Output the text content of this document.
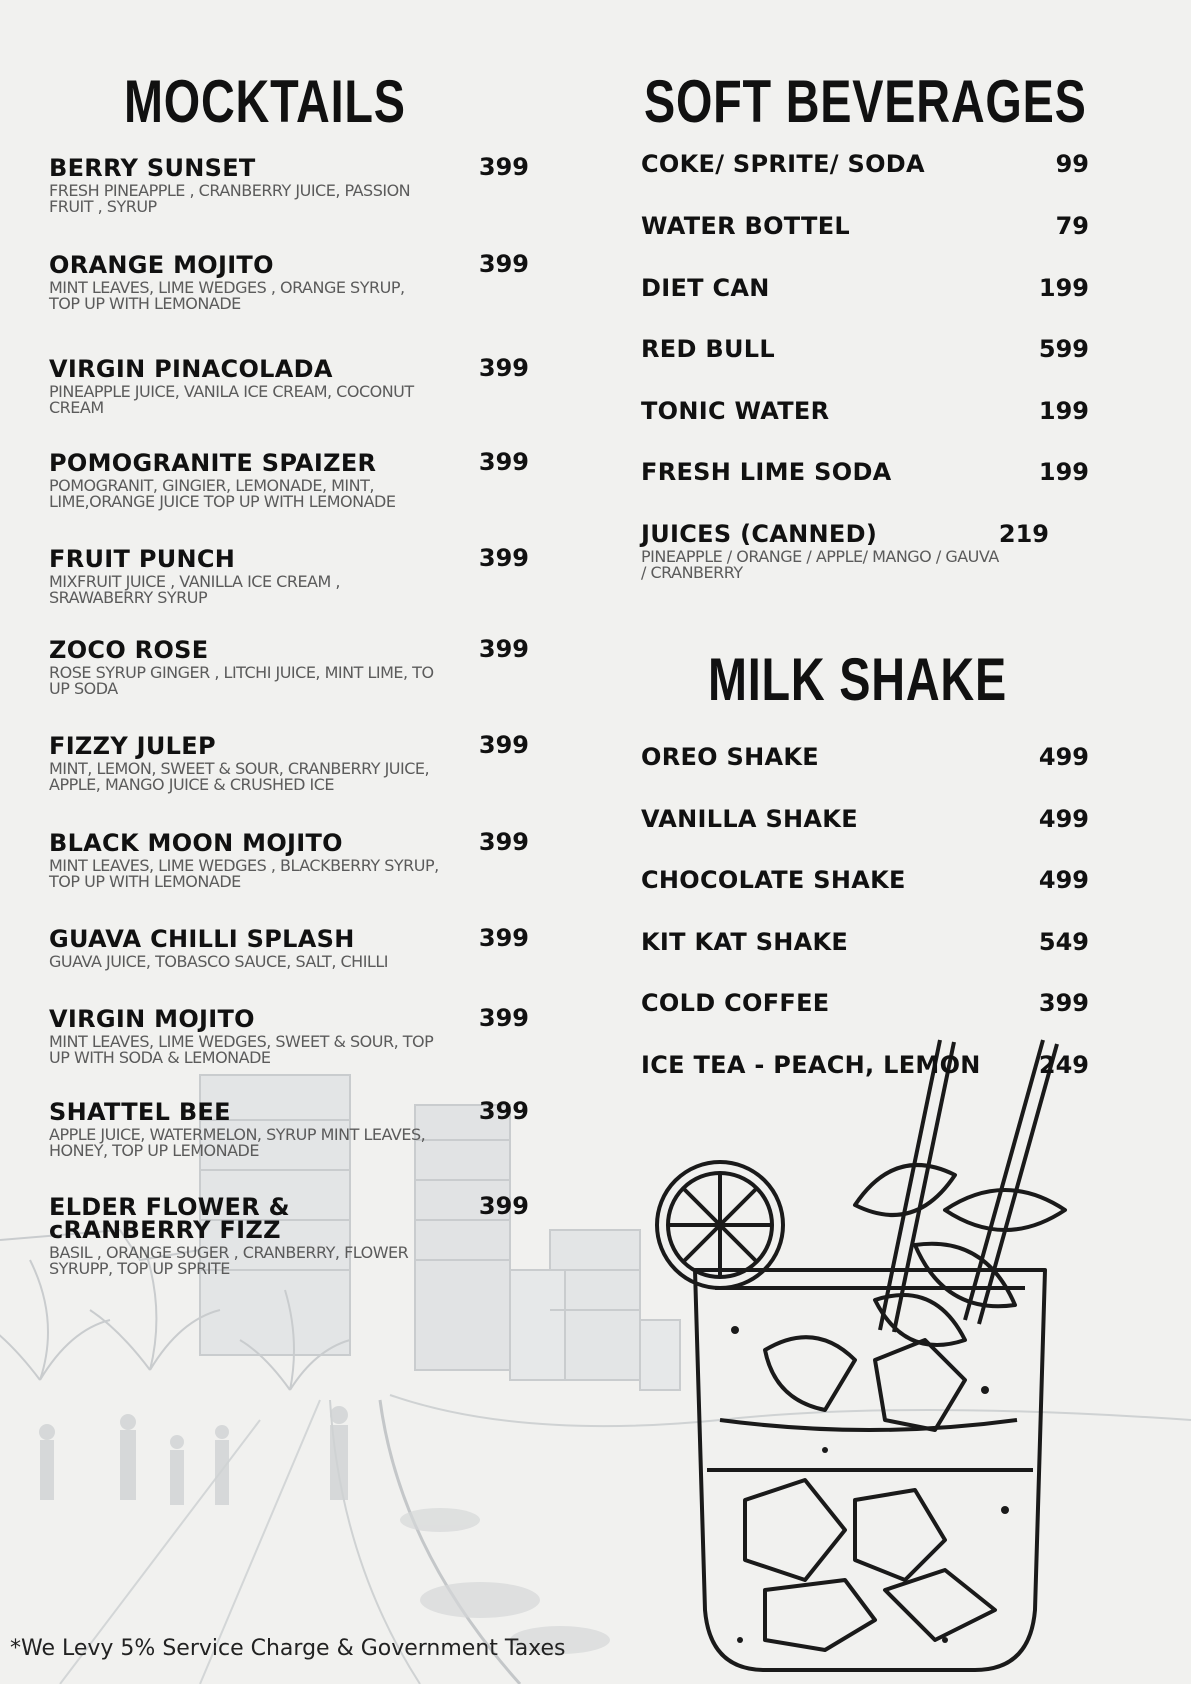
MOCKTAILS
BERRY SUNSET
FRESH PINEAPPLE , CRANBERRY JUICE, PASSION FRUIT , SYRUP
399
ORANGE MOJITO
MINT LEAVES, LIME WEDGES , ORANGE SYRUP, TOP UP WITH LEMONADE
399
VIRGIN PINACOLADA
PINEAPPLE JUICE, VANILA ICE CREAM, COCONUT CREAM
399
POMOGRANITE SPAIZER
POMOGRANIT, GINGIER, LEMONADE, MINT, LIME,ORANGE JUICE TOP UP WITH LEMONADE
399
FRUIT PUNCH
MIXFRUIT JUICE , VANILLA ICE CREAM , SRAWABERRY SYRUP
399
ZOCO ROSE
ROSE SYRUP GINGER , LITCHI JUICE, MINT LIME, TO UP SODA
399
FIZZY JULEP
MINT, LEMON, SWEET & SOUR, CRANBERRY JUICE, APPLE, MANGO JUICE & CRUSHED ICE
399
BLACK MOON MOJITO
MINT LEAVES, LIME WEDGES , BLACKBERRY SYRUP, TOP UP WITH LEMONADE
399
GUAVA CHILLI SPLASH
GUAVA JUICE, TOBASCO SAUCE, SALT, CHILLI
399
VIRGIN MOJITO
MINT LEAVES, LIME WEDGES, SWEET & SOUR, TOP UP WITH SODA & LEMONADE
399
SHATTEL BEE
APPLE JUICE, WATERMELON, SYRUP MINT LEAVES, HONEY, TOP UP LEMONADE
399
ELDER FLOWER & cRANBERRY FIZZ
BASIL , ORANGE SUGER , CRANBERRY, FLOWER SYRUPP, TOP UP SPRITE
399
SOFT BEVERAGES
COKE/ SPRITE/ SODA	99
WATER BOTTEL	79
DIET CAN	199
RED BULL	599
TONIC WATER	199
FRESH LIME SODA	199
JUICES (CANNED)
PINEAPPLE / ORANGE / APPLE/ MANGO / GAUVA / CRANBERRY
219
MILK SHAKE
OREO SHAKE	499
VANILLA SHAKE	499
CHOCOLATE SHAKE	499
KIT KAT SHAKE	549
COLD COFFEE	399
ICE TEA - PEACH, LEMON	249
*We Levy 5% Service Charge & Government Taxes
